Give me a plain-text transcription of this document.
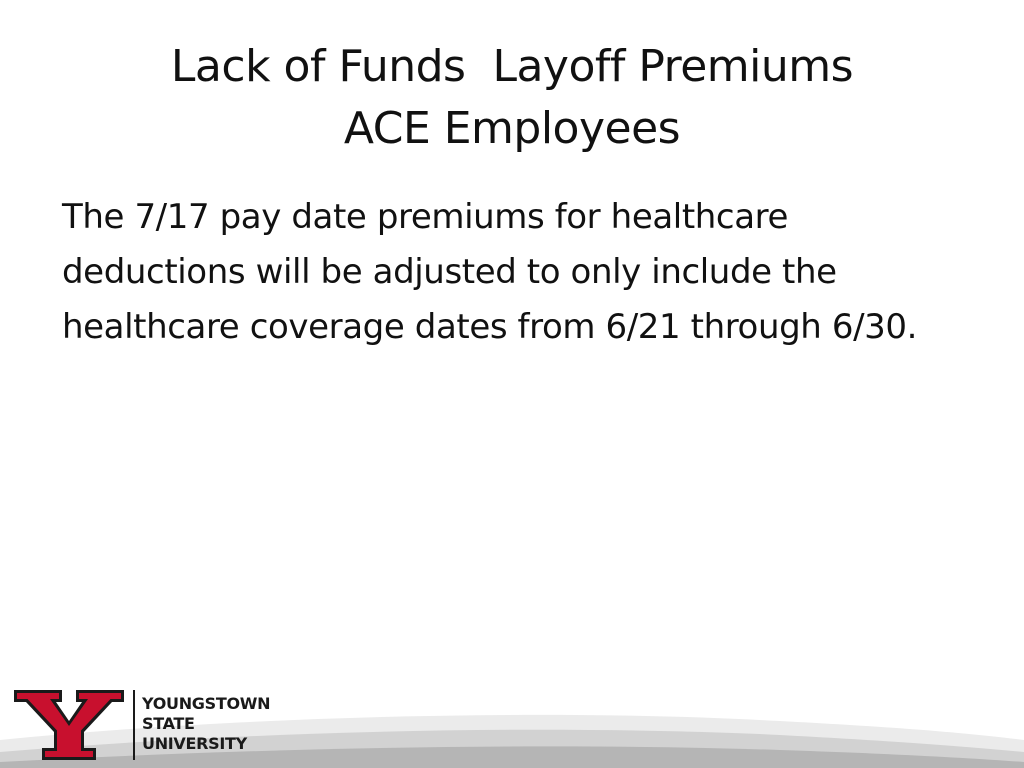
Lack of Funds  Layoff Premiums
ACE Employees
The 7/17 pay date premiums for healthcare deductions will be adjusted to only include the healthcare coverage dates from 6/21 through 6/30.
YOUNGSTOWN
STATE
UNIVERSITY
